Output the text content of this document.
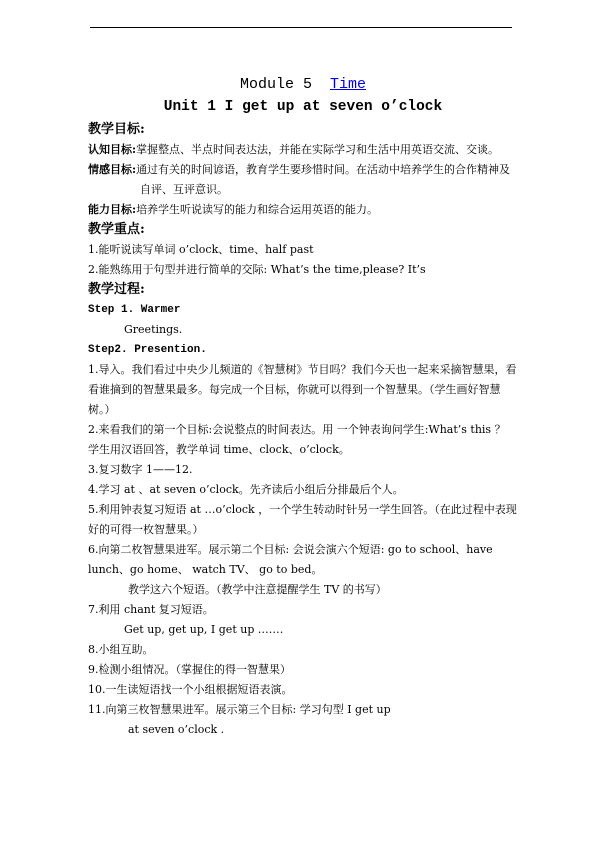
Module 5 Time

Unit 1 I get up at seven o’clock

教学目标:

认知目标:掌握整点、半点时间表达法，并能在实际学习和生活中用英语交流、交谈。

情感目标:通过有关的时间谚语，教育学生要珍惜时间。在活动中培养学生的合作精神及自评、互评意识。

能力目标:培养学生听说读写的能力和综合运用英语的能力。

教学重点:

1.能听说读写单词 o’clock、time、half past

2.能熟练用于句型并进行简单的交际: What’s the time,please? It’s

教学过程:

Step 1. Warmer

Greetings.

Step2. Presention.

1.导入。我们看过中央少儿频道的《智慧树》节目吗？我们今天也一起来采摘智慧果，看看谁摘到的智慧果最多。每完成一个目标，你就可以得到一个智慧果。（学生画好智慧树。）

2.来看我们的第一个目标:会说整点的时间表达。用 一个钟表询问学生:What’s this ？ 学生用汉语回答，教学单词 time、clock、o’clock。

3.复习数字 1——12.

4.学习 at 、at seven o’clock。先齐读后小组后分排最后个人。

5.利用钟表复习短语 at …o’clock ，一个学生转动时针另一学生回答。（在此过程中表现好的可得一枚智慧果。）

6.向第二枚智慧果进军。展示第二个目标: 会说会演六个短语: go to school、have lunch、go home、 watch TV、 go to bed。

教学这六个短语。（教学中注意提醒学生 TV 的书写）

7.利用 chant 复习短语。

Get up, get up, I get up .……

8.小组互助。

9.检测小组情况。（掌握住的得一智慧果）

10.一生读短语找一个小组根据短语表演。

11.向第三枚智慧果进军。展示第三个目标: 学习句型 I get up

at seven o’clock .
